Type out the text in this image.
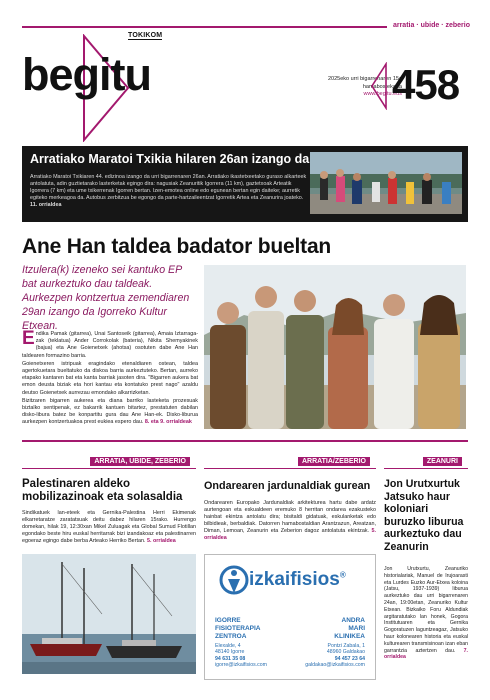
arratia · ubide · zeberio
TOKIKOM
begitu	2025eko urri bigarrenaren 15a
hamabostekaria
www.begitu.eus
458
Arratiako Maratoi Txikia hilaren 26an izango da

Arratiako Maratoi Txikiaren 44. edizinoa izango da urri bigarrenaren 26an. Arratiako ikastetxeetako guraso alkarteek antolatuta, adin guztietarako lasterketak egingo dira: nagusiak Zeanuritik Igorrera (11 km), gaztetxoak Arteatik Igorrera (7 km) eta ume txikerrenak Igorren bertan. Izen-emotea online edo egunean bertan egin daiteke; aurretik egiteko merkeagoa da. Autobus zerbitzua be egongo da parte-hartzaileentzat Igorretik Artea eta Zeanurira joateko. 11. orrialdea

Ane Han taldea badator bueltan
Itzulera(k) izeneko sei kantuko EP bat aurkeztuko dau taldeak. Aurkezpen kontzertua zemendiaren 29an izango da Igorreko Kultur Etxean.

Endika Pamak (gitarrea), Unai Santoseik (gitarrea), Amaia Iztarraga-zak (teklatua) Ander Corrokolak (bateria), Nikita Shemyakinek (bajua) eta Ane Goienetxek (ahotsa) osotuten dabe Ane Han taldearen formazino barria.

Goienetxeren istripuak eragindako etenaldiaren ostean, taldea agertokuetara bueltatuko da diskoa barria aurkeztuteko. Bertan, aurreko etapako kantaren bat eta kanta barriak jasoten dira. "Bigarren aukera bat emon deusta biziak eta hori kantau eta kontatuko prest nago" azaldu deutso Goienetxek aurrezau emondako alkarrizketan.

Bizitzaren bigarren aukerea eta diana barriko lasteketa prozesuak biztalko sentipenak, ez bakarrik kantuen bitartez, prestatuten dabilan disko-libura batez be konpartitu gura dau Ane Han-ek. Disko-liburua aurkezpen kontzertuakoa prest eukiea espero dau. 8. eta 9. orrialdeak

ARRATIA, UBIDE, ZEBERIO
Palestinaren aldeko mobilizazinoak eta solasaldia
Sindikatuek lan-eteek eta Gernika-Palestina Herri Ekimenak elkarretaratze zaratatsuak deitu dabez hilaren 15rako. Hurrengo domekan, hilak 19, 12:30xan Mikel Zuluagak eta Global Sumud Flotillan egondako beste hiru euskal herritarrak bizi izandakoaz eta palestinarren egoeraz egingo dabe berba Arteako Herriko Bertan. 5. orrialdea
ARRATIA/ZEBERIO
Ondarearen jardunaldiak gurean
Ondarearen Europako Jardunaldiak arkitekturea hartu dabe ardatz aurtengoan eta eskualdeen eremuko 8 herritan ondarea ezakusteko hainbat ekintza antolatu dira; bisitaldi gidatuak, eskulanketak edo bilbidieak, berbaldiak. Datorren hamabostaldian Arantzazun, Areatzan, Diman, Lemoan, Zeanurin eta Zeberion dagoz antolatuta ekintzak. 5. orrialdea
izkaifisios®
IGORRE
FISIOTERAPIA
ZENTROA
Elexalde, 4
48140 Igorre
94 631 35 08
igorre@izkaifisios.com
ANDRA
MARI
KLINIKEA
Pontzi Zabala, 1
48960 Galdakao
94 457 23 64
galdakao@izkaifisios.com
ZEANURI
Jon Urutxurtuk Jatsuko haur koloniari buruzko liburua aurkeztuko dau Zeanurin
Jon Urutxurtu, Zeanuriko historialariak, Manuel de Irujoarasti eta Lurdes Euzko Aur-Etxea koloina (Jatsu, 1937-1939) liburua aurkeztuko dau urri bigarrenaren 24an, 19:00etan, Zeanuriko Kultur Etxean. Bizkaiko Foru Aldundiak argitaratutako lan honek, Gogora Institutuaren eta Gernika Gogoratuzen laguntzeagaz, Jatsuko haur kolonearen historia eta euskal kulturearen transmisinoan izan eban garrantzia aztertzen dau. 7. orrialdea
